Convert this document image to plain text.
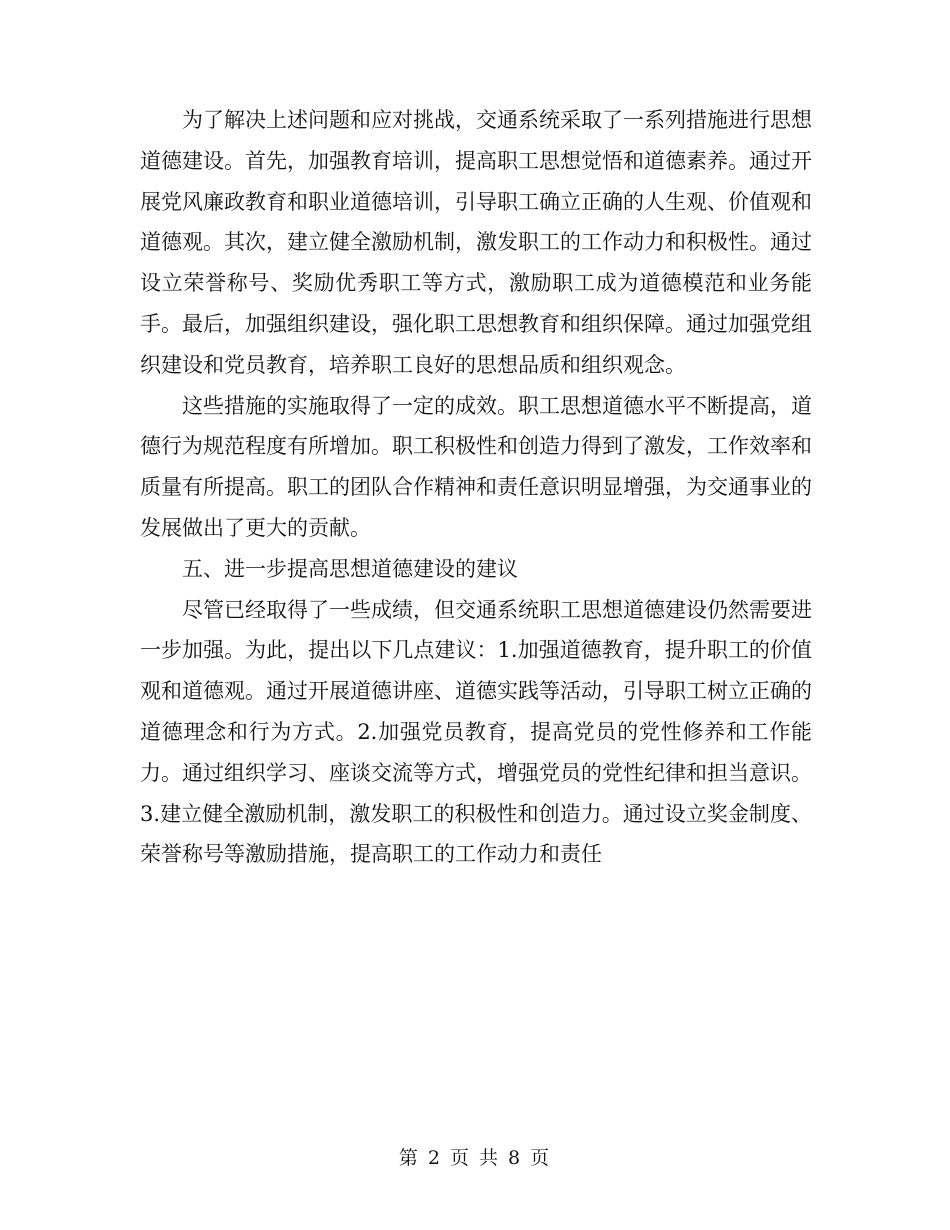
为了解决上述问题和应对挑战，交通系统采取了一系列措施进行思想道德建设。首先，加强教育培训，提高职工思想觉悟和道德素养。通过开展党风廉政教育和职业道德培训，引导职工确立正确的人生观、价值观和道德观。其次，建立健全激励机制，激发职工的工作动力和积极性。通过设立荣誉称号、奖励优秀职工等方式，激励职工成为道德模范和业务能手。最后，加强组织建设，强化职工思想教育和组织保障。通过加强党组织建设和党员教育，培养职工良好的思想品质和组织观念。

这些措施的实施取得了一定的成效。职工思想道德水平不断提高，道德行为规范程度有所增加。职工积极性和创造力得到了激发，工作效率和质量有所提高。职工的团队合作精神和责任意识明显增强，为交通事业的发展做出了更大的贡献。

五、进一步提高思想道德建设的建议

尽管已经取得了一些成绩，但交通系统职工思想道德建设仍然需要进一步加强。为此，提出以下几点建议：1.加强道德教育，提升职工的价值观和道德观。通过开展道德讲座、道德实践等活动，引导职工树立正确的道德理念和行为方式。2.加强党员教育，提高党员的党性修养和工作能力。通过组织学习、座谈交流等方式，增强党员的党性纪律和担当意识。3.建立健全激励机制，激发职工的积极性和创造力。通过设立奖金制度、荣誉称号等激励措施，提高职工的工作动力和责任

第 2 页 共 8 页
